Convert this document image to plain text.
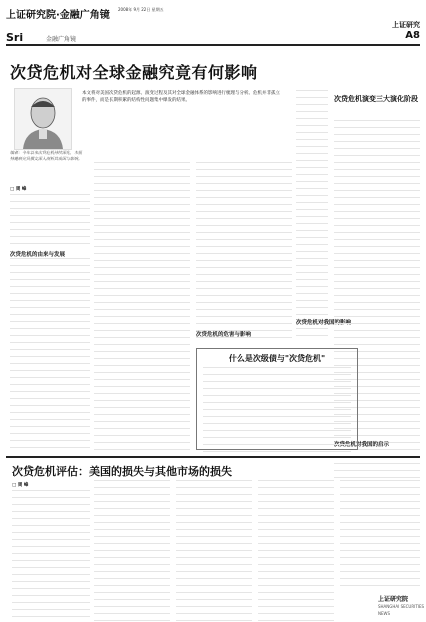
上证研究院·金融广角镜
2008年 9月 22日 星期五
上证研究
Sri	金融广角镜	A8
次贷危机对全球金融究竟有何影响
本文将对美国次贷危机的起源、演变过程及其对全球金融体系的影响进行梳理与分析。危机并非孤立的事件，而是长期积累的结构性问题集中爆发的结果。
编者：今年以来次贷危机持续深化，本报特邀研究员撰文深入剖析其成因与影响。
□ 周 峰
次贷危机的由来与发展
次贷危机的危害与影响
次贷危机对我国的影响
次贷危机演变三大演化阶段
次贷危机对我国的启示
什么是次级债与"次贷危机"
次贷危机评估：美国的损失与其他市场的损失
□ 周 峰
上证研究院
SHANGHAI SECURITIES NEWS
